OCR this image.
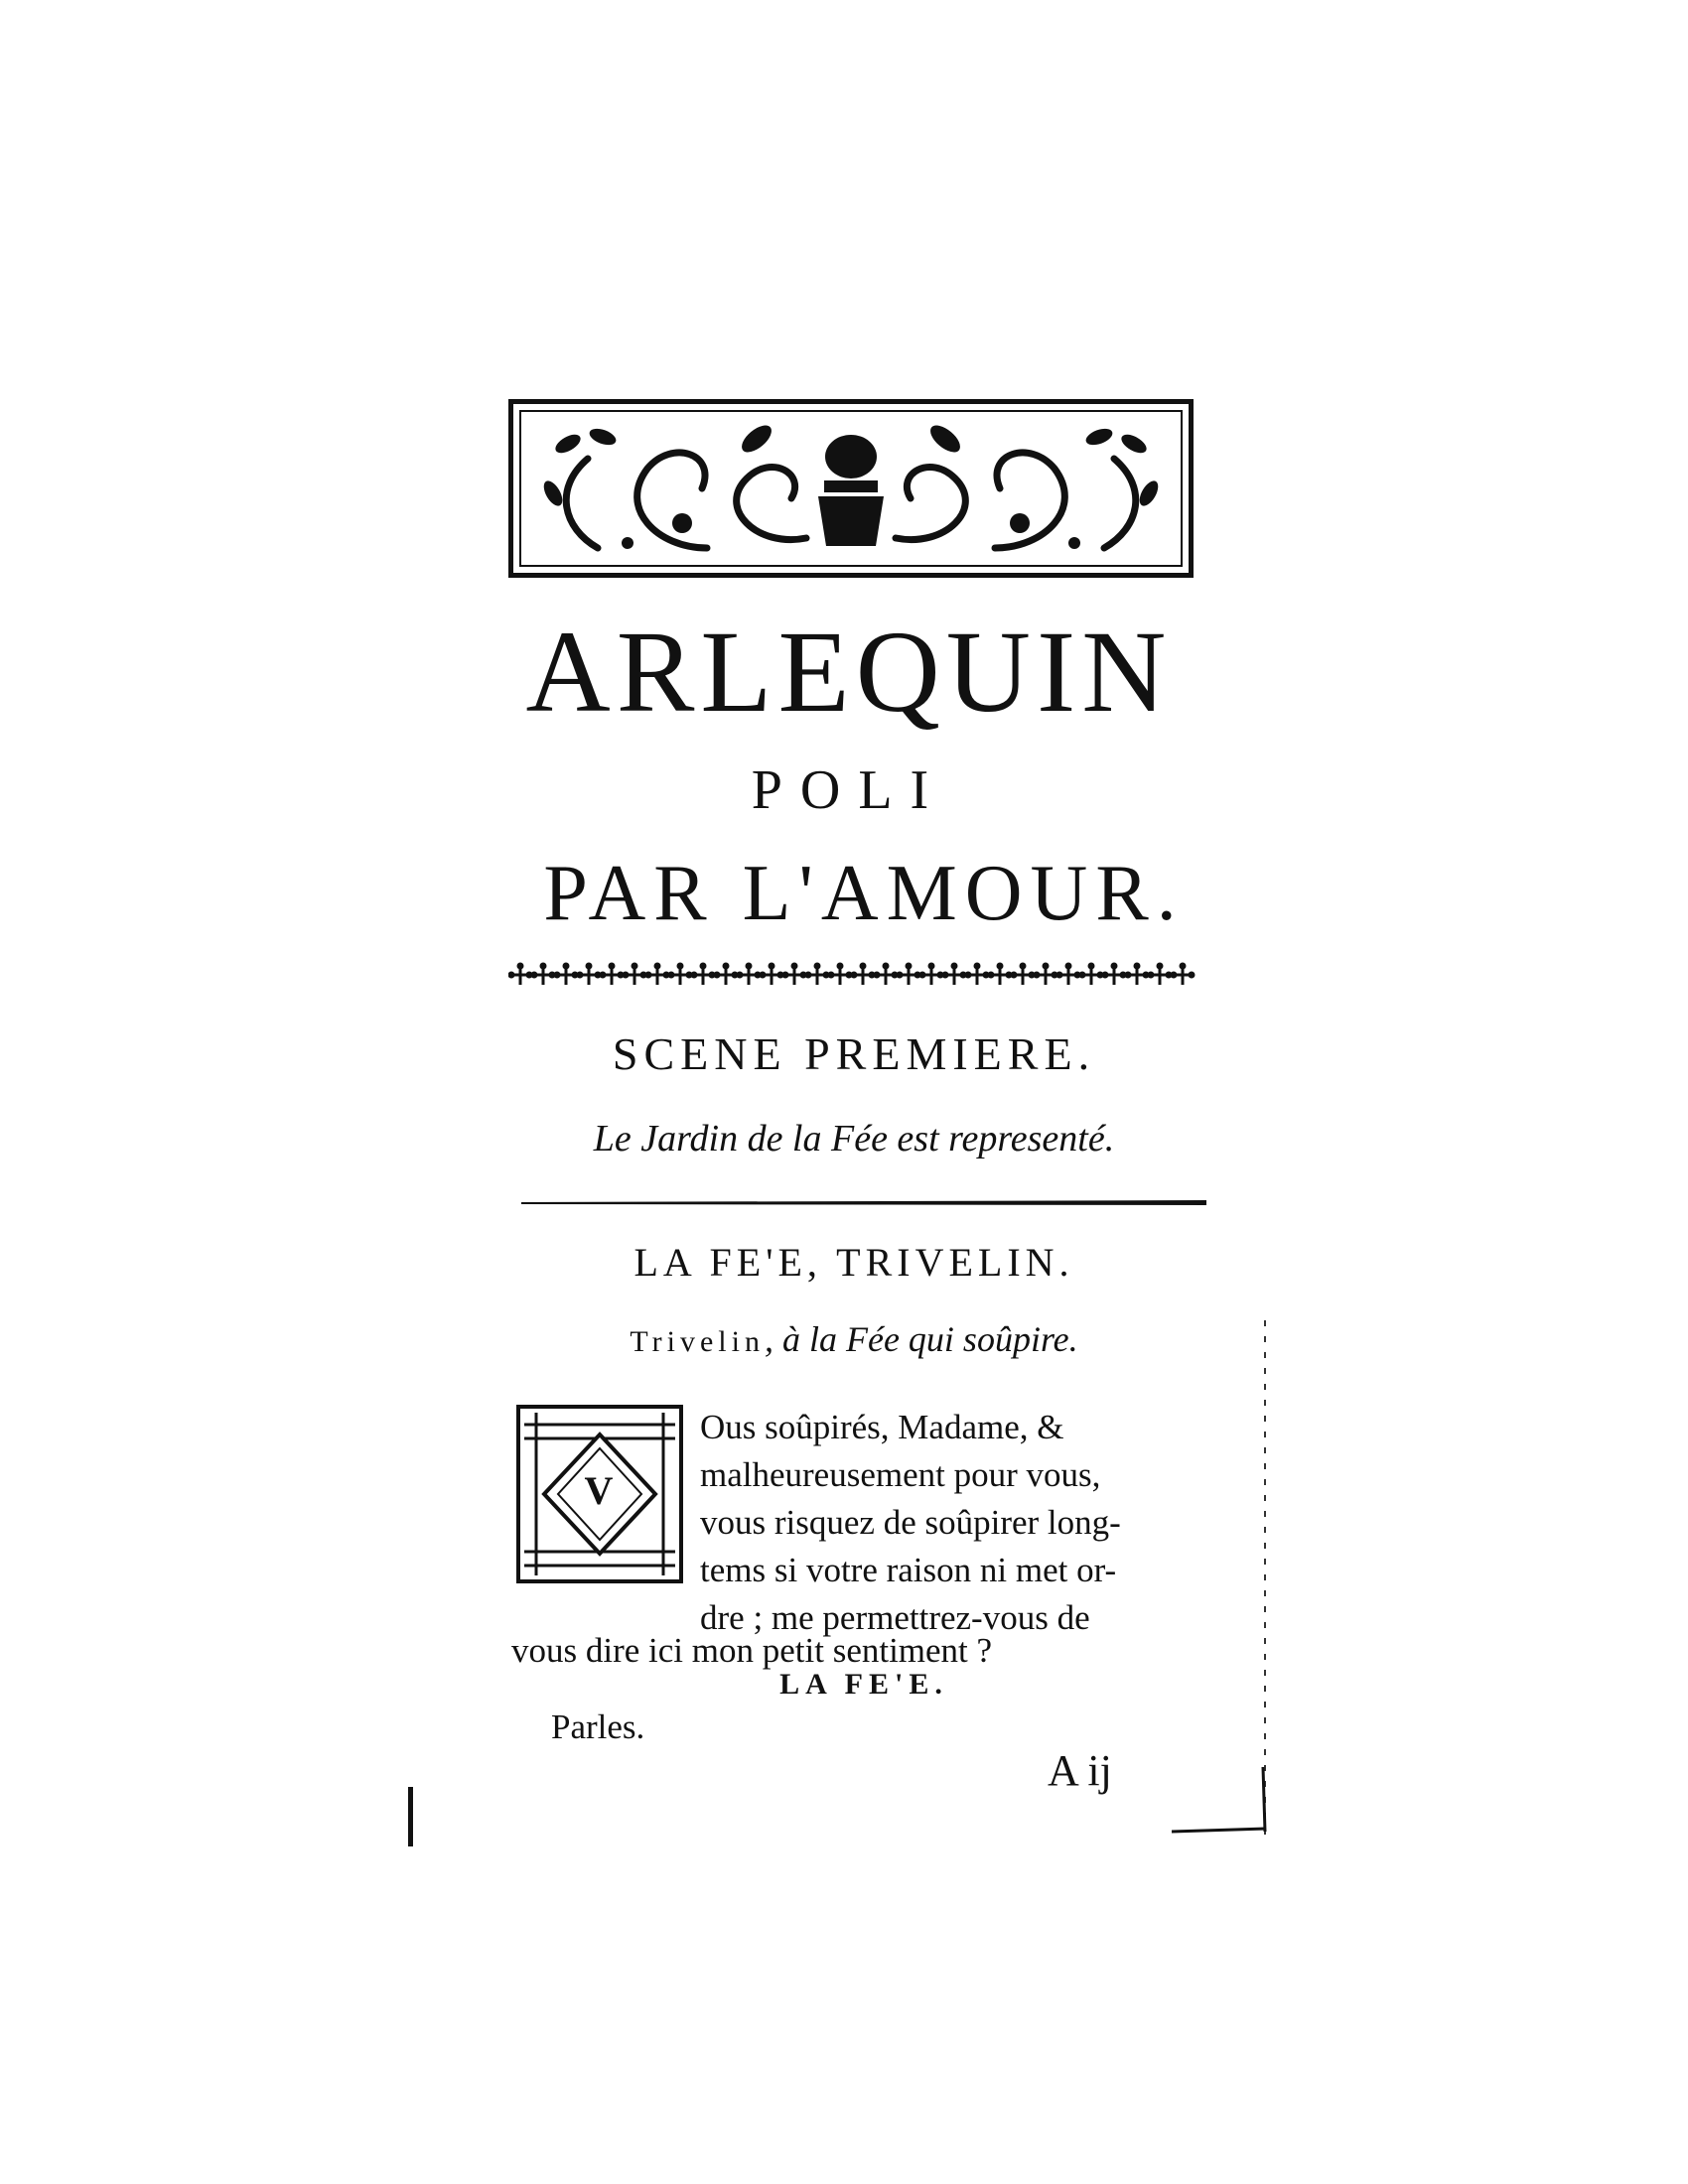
ARLEQUIN
POLI
PAR L'AMOUR.
SCENE PREMIERE.
Le Jardin de la Fée est representé.
LA FE'E, TRIVELIN.
Trivelin, à la Fée qui soûpire.
V
Ous soûpirés, Madame, &
malheureusement pour vous,
vous risquez de soûpirer long-
tems si votre raison ni met or-
dre ; me permettrez-vous de
vous dire ici mon petit sentiment ?
LA FE'E.
Parles.
A ij
